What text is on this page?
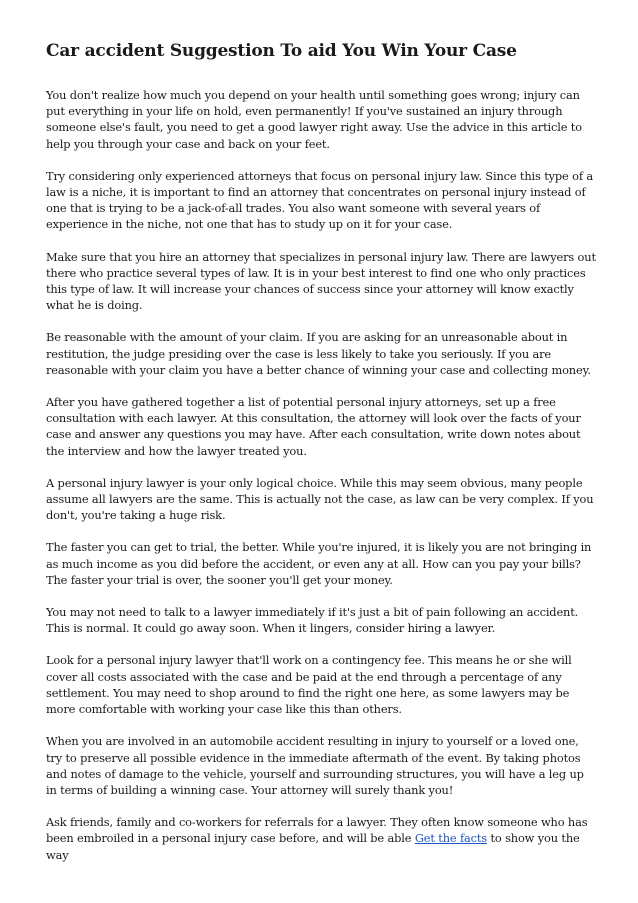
Car accident Suggestion To aid You Win Your Case

You don't realize how much you depend on your health until something goes wrong; injury can put everything in your life on hold, even permanently! If you've sustained an injury through someone else's fault, you need to get a good lawyer right away. Use the advice in this article to help you through your case and back on your feet.

Try considering only experienced attorneys that focus on personal injury law. Since this type of a law is a niche, it is important to find an attorney that concentrates on personal injury instead of one that is trying to be a jack-of-all trades. You also want someone with several years of experience in the niche, not one that has to study up on it for your case.

Make sure that you hire an attorney that specializes in personal injury law. There are lawyers out there who practice several types of law. It is in your best interest to find one who only practices this type of law. It will increase your chances of success since your attorney will know exactly what he is doing.

Be reasonable with the amount of your claim. If you are asking for an unreasonable about in restitution, the judge presiding over the case is less likely to take you seriously. If you are reasonable with your claim you have a better chance of winning your case and collecting money.

After you have gathered together a list of potential personal injury attorneys, set up a free consultation with each lawyer. At this consultation, the attorney will look over the facts of your case and answer any questions you may have. After each consultation, write down notes about the interview and how the lawyer treated you.

A personal injury lawyer is your only logical choice. While this may seem obvious, many people assume all lawyers are the same. This is actually not the case, as law can be very complex. If you don't, you're taking a huge risk.

The faster you can get to trial, the better. While you're injured, it is likely you are not bringing in as much income as you did before the accident, or even any at all. How can you pay your bills? The faster your trial is over, the sooner you'll get your money.

You may not need to talk to a lawyer immediately if it's just a bit of pain following an accident. This is normal. It could go away soon. When it lingers, consider hiring a lawyer.

Look for a personal injury lawyer that'll work on a contingency fee. This means he or she will cover all costs associated with the case and be paid at the end through a percentage of any settlement. You may need to shop around to find the right one here, as some lawyers may be more comfortable with working your case like this than others.

When you are involved in an automobile accident resulting in injury to yourself or a loved one, try to preserve all possible evidence in the immediate aftermath of the event. By taking photos and notes of damage to the vehicle, yourself and surrounding structures, you will have a leg up in terms of building a winning case. Your attorney will surely thank you!

Ask friends, family and co-workers for referrals for a lawyer. They often know someone who has been embroiled in a personal injury case before, and will be able Get the facts to show you the way
